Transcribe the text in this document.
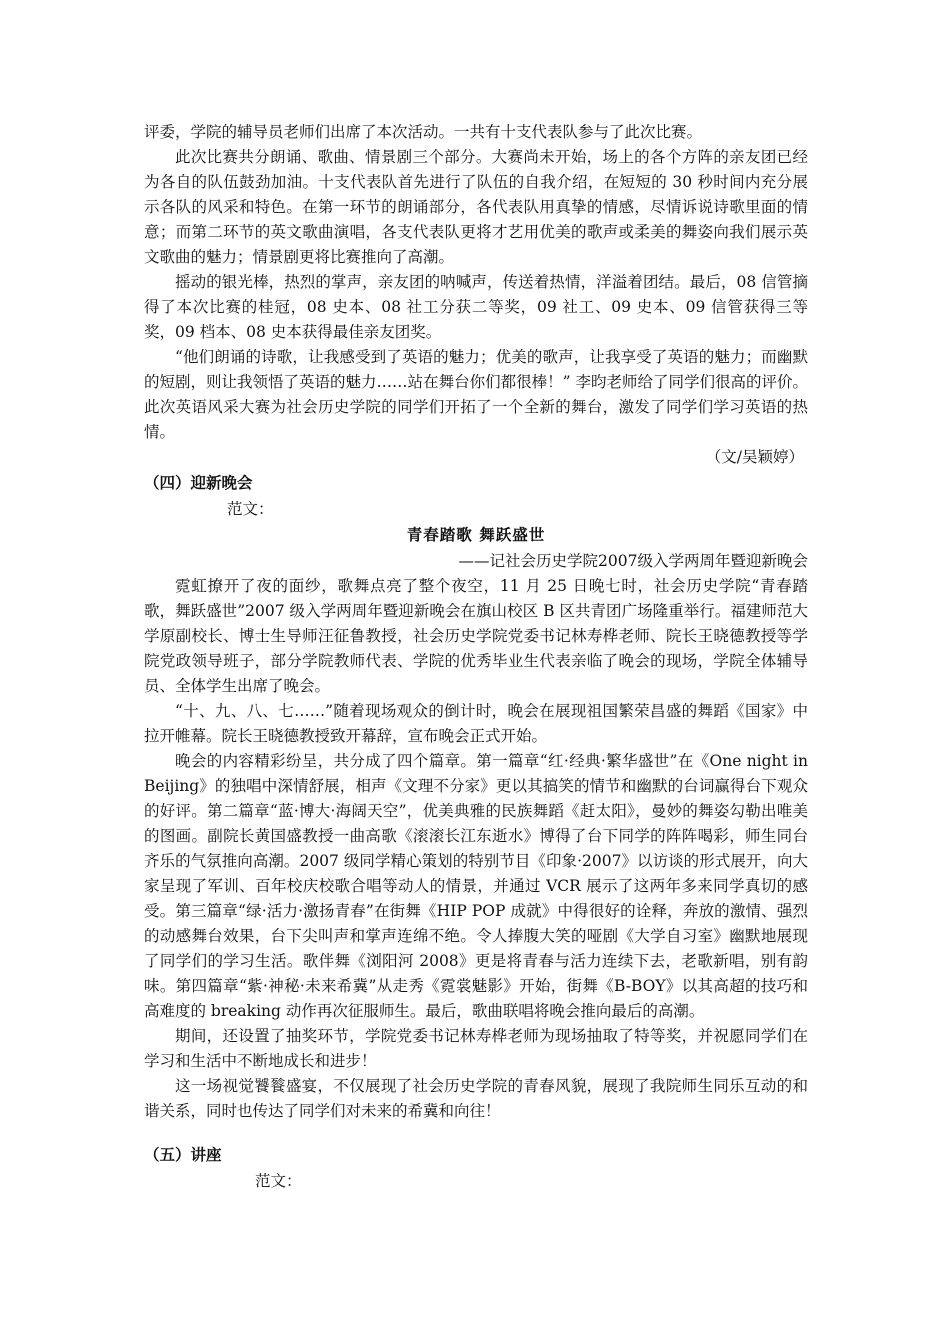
评委，学院的辅导员老师们出席了本次活动。一共有十支代表队参与了此次比赛。

此次比赛共分朗诵、歌曲、情景剧三个部分。大赛尚未开始，场上的各个方阵的亲友团已经为各自的队伍鼓劲加油。十支代表队首先进行了队伍的自我介绍，在短短的 30 秒时间内充分展示各队的风采和特色。在第一环节的朗诵部分，各代表队用真挚的情感，尽情诉说诗歌里面的情意；而第二环节的英文歌曲演唱，各支代表队更将才艺用优美的歌声或柔美的舞姿向我们展示英文歌曲的魅力；情景剧更将比赛推向了高潮。

摇动的银光棒，热烈的掌声，亲友团的呐喊声，传送着热情，洋溢着团结。最后，08 信管摘得了本次比赛的桂冠，08 史本、08 社工分获二等奖，09 社工、09 史本、09 信管获得三等奖，09 档本、08 史本获得最佳亲友团奖。

“他们朗诵的诗歌，让我感受到了英语的魅力；优美的歌声，让我享受了英语的魅力；而幽默的短剧，则让我领悟了英语的魅力……站在舞台你们都很棒！” 李昀老师给了同学们很高的评价。此次英语风采大赛为社会历史学院的同学们开拓了一个全新的舞台，激发了同学们学习英语的热情。

（文/吴颖婷）

（四）迎新晚会

范文：

青春踏歌 舞跃盛世

——记社会历史学院2007级入学两周年暨迎新晚会

霓虹撩开了夜的面纱，歌舞点亮了整个夜空，11 月 25 日晚七时，社会历史学院“青春踏歌，舞跃盛世”2007 级入学两周年暨迎新晚会在旗山校区 B 区共青团广场隆重举行。福建师范大学原副校长、博士生导师汪征鲁教授，社会历史学院党委书记林寿桦老师、院长王晓德教授等学院党政领导班子，部分学院教师代表、学院的优秀毕业生代表亲临了晚会的现场，学院全体辅导员、全体学生出席了晚会。

“十、九、八、七……”随着现场观众的倒计时，晚会在展现祖国繁荣昌盛的舞蹈《国家》中拉开帷幕。院长王晓德教授致开幕辞，宣布晚会正式开始。

晚会的内容精彩纷呈，共分成了四个篇章。第一篇章“红·经典·繁华盛世”在《One night in Beijing》的独唱中深情舒展，相声《文理不分家》更以其搞笑的情节和幽默的台词赢得台下观众的好评。第二篇章“蓝·博大·海阔天空”，优美典雅的民族舞蹈《赶太阳》，曼妙的舞姿勾勒出唯美的图画。副院长黄国盛教授一曲高歌《滚滚长江东逝水》博得了台下同学的阵阵喝彩，师生同台齐乐的气氛推向高潮。2007 级同学精心策划的特别节目《印象·2007》以访谈的形式展开，向大家呈现了军训、百年校庆校歌合唱等动人的情景，并通过 VCR 展示了这两年多来同学真切的感受。第三篇章“绿·活力·激扬青春”在街舞《HIP POP 成就》中得很好的诠释，奔放的激情、强烈的动感舞台效果，台下尖叫声和掌声连绵不绝。令人捧腹大笑的哑剧《大学自习室》幽默地展现了同学们的学习生活。歌伴舞《浏阳河 2008》更是将青春与活力连续下去，老歌新唱，别有韵味。第四篇章“紫·神秘·未来希冀”从走秀《霓裳魅影》开始，街舞《B-BOY》以其高超的技巧和高难度的 breaking 动作再次征服师生。最后，歌曲联唱将晚会推向最后的高潮。

期间，还设置了抽奖环节，学院党委书记林寿桦老师为现场抽取了特等奖，并祝愿同学们在学习和生活中不断地成长和进步！

这一场视觉饕餮盛宴，不仅展现了社会历史学院的青春风貌，展现了我院师生同乐互动的和谐关系，同时也传达了同学们对未来的希冀和向往！

（五）讲座

范文：
